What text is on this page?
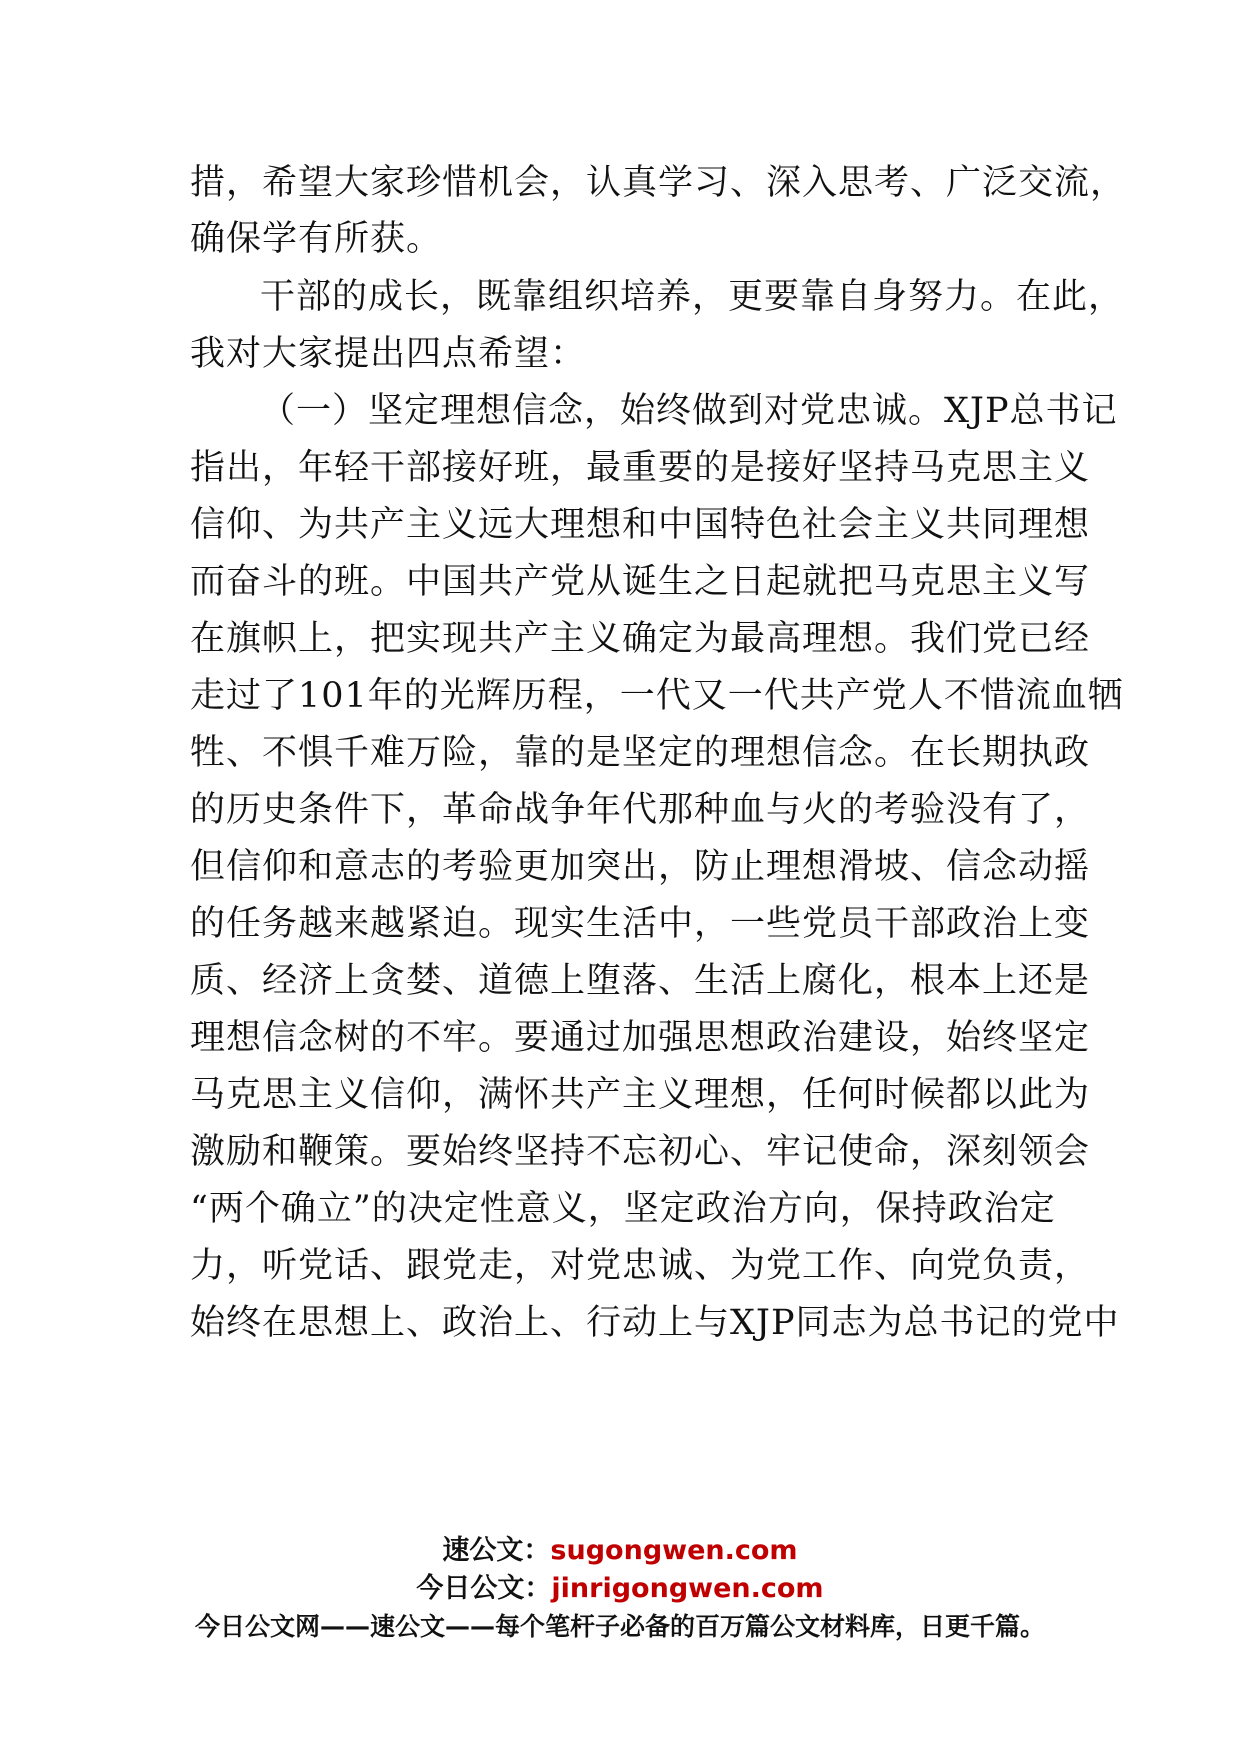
措，希望大家珍惜机会，认真学习、深入思考、广泛交流，
确保学有所获。
干部的成长，既靠组织培养，更要靠自身努力。在此，
我对大家提出四点希望：
（一）坚定理想信念，始终做到对党忠诚。XJP总书记
指出，年轻干部接好班，最重要的是接好坚持马克思主义
信仰、为共产主义远大理想和中国特色社会主义共同理想
而奋斗的班。中国共产党从诞生之日起就把马克思主义写
在旗帜上，把实现共产主义确定为最高理想。我们党已经
走过了101年的光辉历程，一代又一代共产党人不惜流血牺
牲、不惧千难万险，靠的是坚定的理想信念。在长期执政
的历史条件下，革命战争年代那种血与火的考验没有了，
但信仰和意志的考验更加突出，防止理想滑坡、信念动摇
的任务越来越紧迫。现实生活中，一些党员干部政治上变
质、经济上贪婪、道德上堕落、生活上腐化，根本上还是
理想信念树的不牢。要通过加强思想政治建设，始终坚定
马克思主义信仰，满怀共产主义理想，任何时候都以此为
激励和鞭策。要始终坚持不忘初心、牢记使命，深刻领会
“两个确立”的决定性意义，坚定政治方向，保持政治定
力，听党话、跟党走，对党忠诚、为党工作、向党负责，
始终在思想上、政治上、行动上与XJP同志为总书记的党中
速公文：sugongwen.com
今日公文：jinrigongwen.com
今日公文网——速公文——每个笔杆子必备的百万篇公文材料库，日更千篇。
